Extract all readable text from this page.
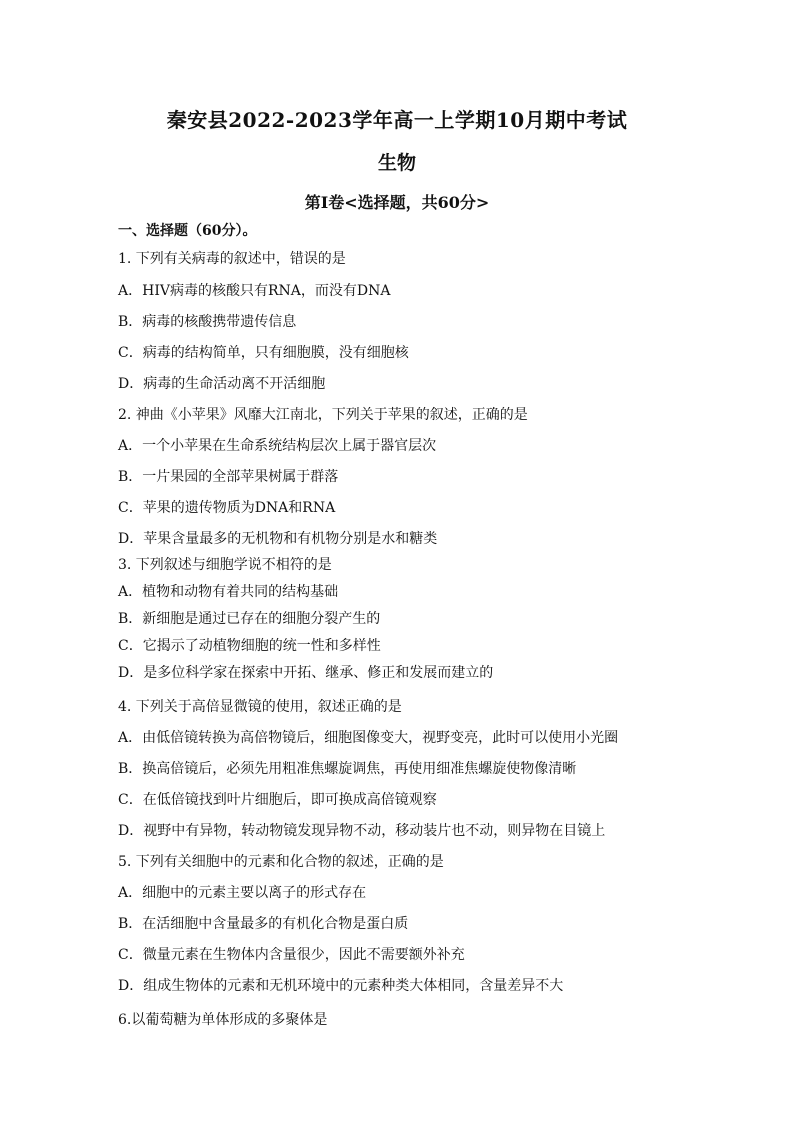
秦安县2022-2023学年高一上学期10月期中考试
生物
第I卷<选择题，共60分>
一、选择题（60分）。
1. 下列有关病毒的叙述中，错误的是
A．HIV病毒的核酸只有RNA，而没有DNA
B．病毒的核酸携带遗传信息
C．病毒的结构简单，只有细胞膜，没有细胞核
D．病毒的生命活动离不开活细胞
2. 神曲《小苹果》风靡大江南北，下列关于苹果的叙述，正确的是
A．一个小苹果在生命系统结构层次上属于器官层次
B．一片果园的全部苹果树属于群落
C．苹果的遗传物质为DNA和RNA
D．苹果含量最多的无机物和有机物分别是水和糖类
3. 下列叙述与细胞学说不相符的是
A．植物和动物有着共同的结构基础
B．新细胞是通过已存在的细胞分裂产生的
C．它揭示了动植物细胞的统一性和多样性
D．是多位科学家在探索中开拓、继承、修正和发展而建立的
4. 下列关于高倍显微镜的使用，叙述正确的是
A．由低倍镜转换为高倍物镜后，细胞图像变大，视野变亮，此时可以使用小光圈
B．换高倍镜后，必须先用粗准焦螺旋调焦，再使用细准焦螺旋使物像清晰
C．在低倍镜找到叶片细胞后，即可换成高倍镜观察
D．视野中有异物，转动物镜发现异物不动，移动装片也不动，则异物在目镜上
5. 下列有关细胞中的元素和化合物的叙述，正确的是
A．细胞中的元素主要以离子的形式存在
B．在活细胞中含量最多的有机化合物是蛋白质
C．微量元素在生物体内含量很少，因此不需要额外补充
D．组成生物体的元素和无机环境中的元素种类大体相同，含量差异不大
6.以葡萄糖为单体形成的多聚体是
